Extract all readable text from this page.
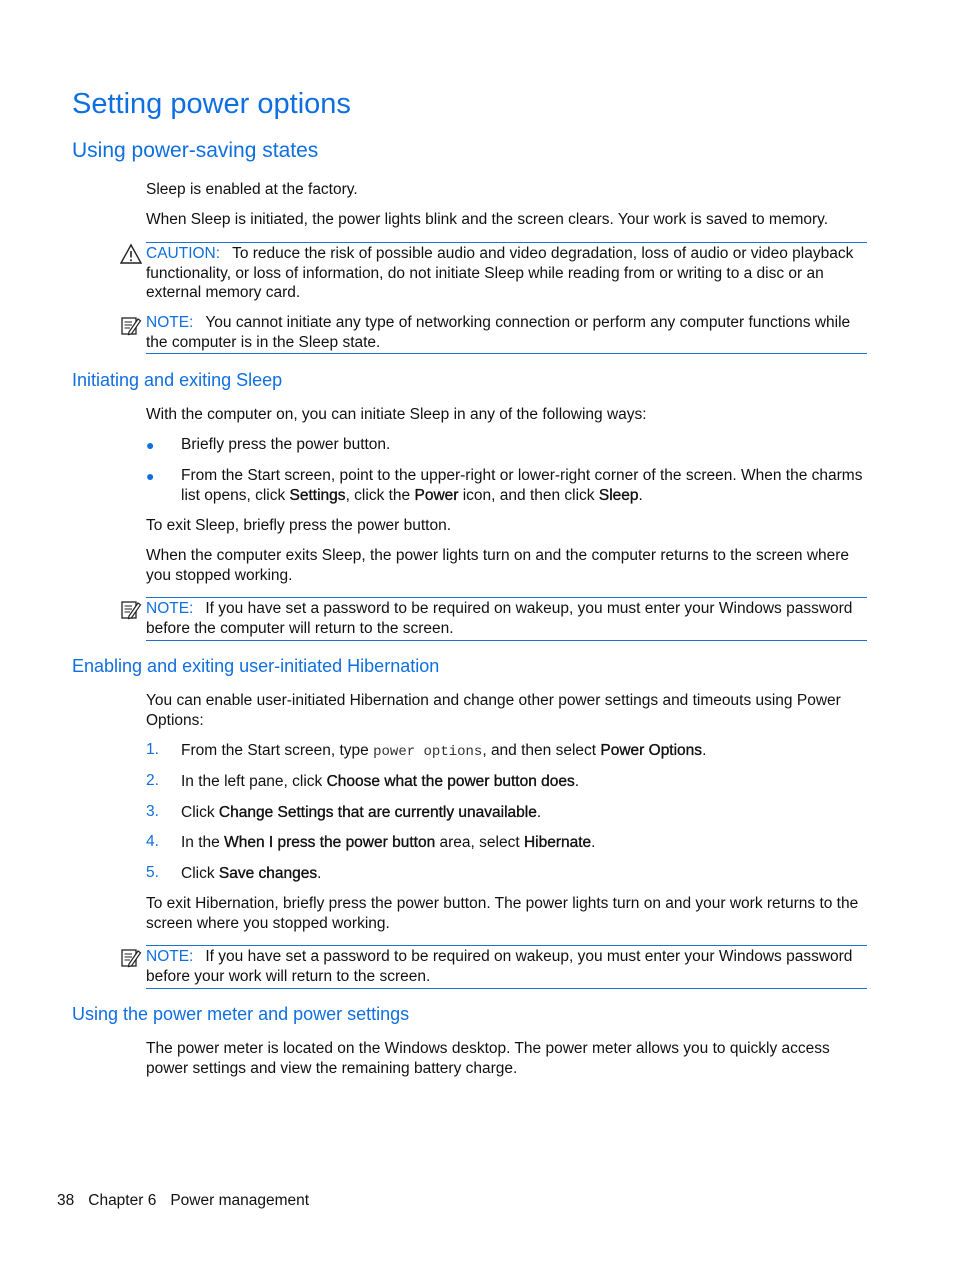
Setting power options
Using power-saving states
Sleep is enabled at the factory.
When Sleep is initiated, the power lights blink and the screen clears. Your work is saved to memory.
CAUTION: To reduce the risk of possible audio and video degradation, loss of audio or video playback functionality, or loss of information, do not initiate Sleep while reading from or writing to a disc or an external memory card.
NOTE: You cannot initiate any type of networking connection or perform any computer functions while the computer is in the Sleep state.
Initiating and exiting Sleep
With the computer on, you can initiate Sleep in any of the following ways:
● Briefly press the power button.
● From the Start screen, point to the upper-right or lower-right corner of the screen. When the charms list opens, click Settings, click the Power icon, and then click Sleep.
To exit Sleep, briefly press the power button.
When the computer exits Sleep, the power lights turn on and the computer returns to the screen where you stopped working.
NOTE: If you have set a password to be required on wakeup, you must enter your Windows password before the computer will return to the screen.
Enabling and exiting user-initiated Hibernation
You can enable user-initiated Hibernation and change other power settings and timeouts using Power Options:
1. From the Start screen, type power options, and then select Power Options.
2. In the left pane, click Choose what the power button does.
3. Click Change Settings that are currently unavailable.
4. In the When I press the power button area, select Hibernate.
5. Click Save changes.
To exit Hibernation, briefly press the power button. The power lights turn on and your work returns to the screen where you stopped working.
NOTE: If you have set a password to be required on wakeup, you must enter your Windows password before your work will return to the screen.
Using the power meter and power settings
The power meter is located on the Windows desktop. The power meter allows you to quickly access power settings and view the remaining battery charge.
38 Chapter 6 Power management
